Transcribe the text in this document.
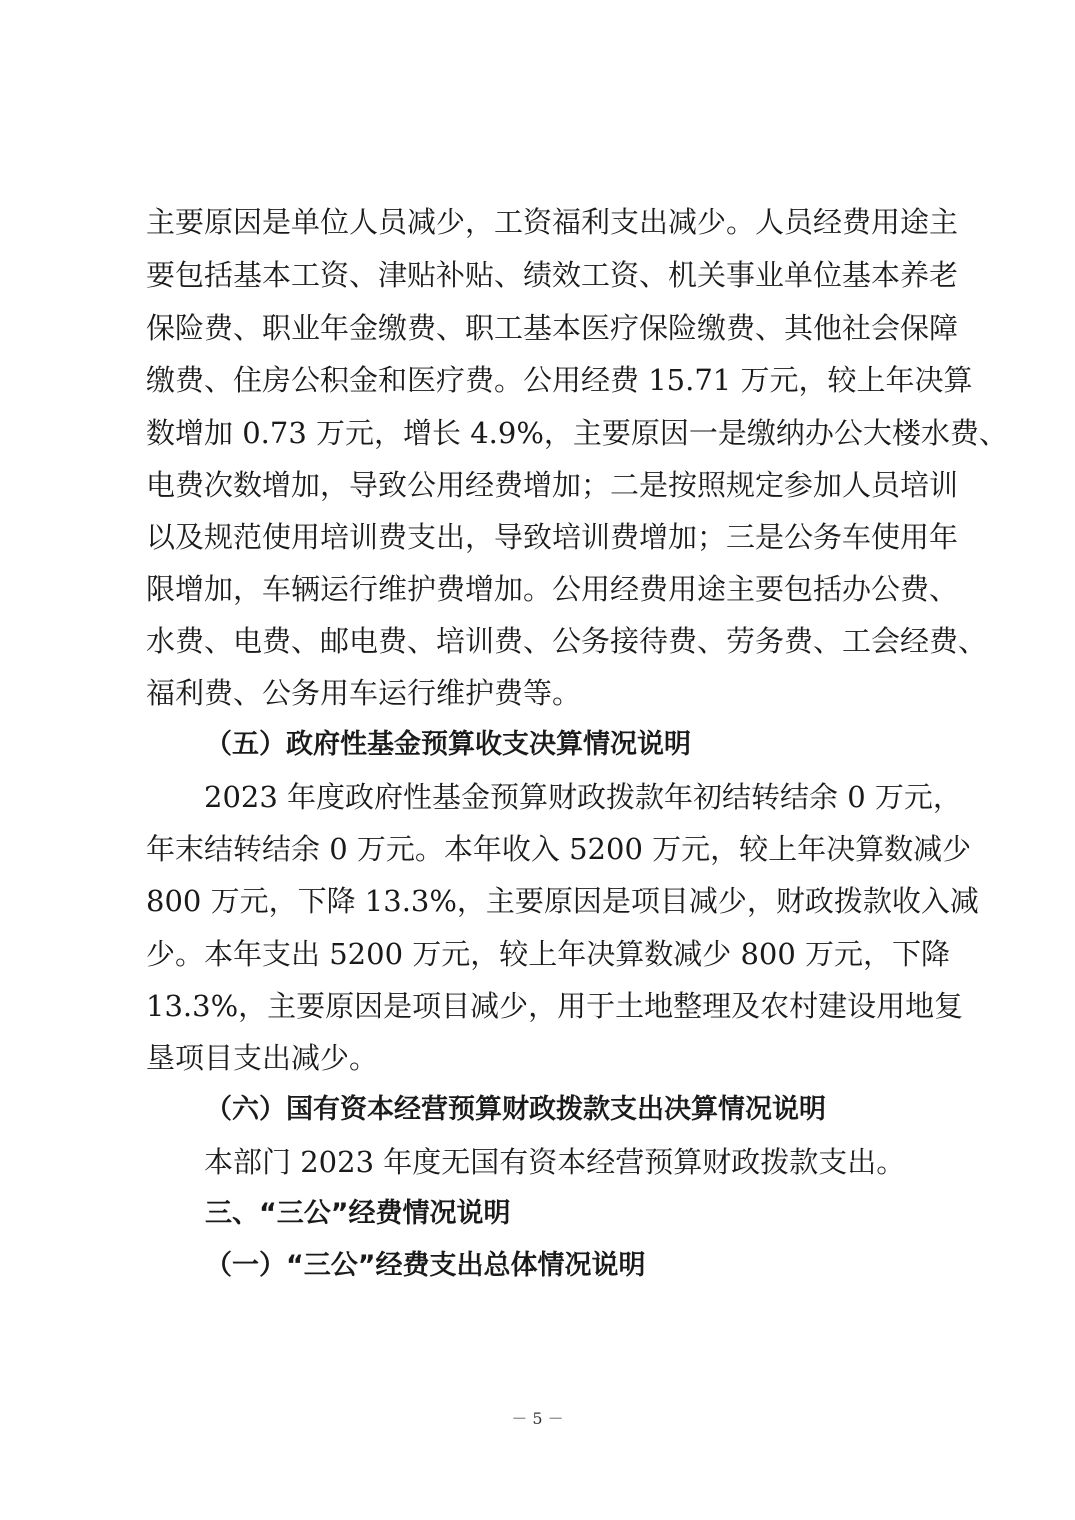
主要原因是单位人员减少，工资福利支出减少。人员经费用途主
要包括基本工资、津贴补贴、绩效工资、机关事业单位基本养老
保险费、职业年金缴费、职工基本医疗保险缴费、其他社会保障
缴费、住房公积金和医疗费。公用经费 15.71 万元，较上年决算
数增加 0.73 万元，增长 4.9%，主要原因一是缴纳办公大楼水费、
电费次数增加，导致公用经费增加；二是按照规定参加人员培训
以及规范使用培训费支出，导致培训费增加；三是公务车使用年
限增加，车辆运行维护费增加。公用经费用途主要包括办公费、
水费、电费、邮电费、培训费、公务接待费、劳务费、工会经费、
福利费、公务用车运行维护费等。
（五）政府性基金预算收支决算情况说明
2023 年度政府性基金预算财政拨款年初结转结余 0 万元，
年末结转结余 0 万元。本年收入 5200 万元，较上年决算数减少
800 万元，下降 13.3%，主要原因是项目减少，财政拨款收入减
少。本年支出 5200 万元，较上年决算数减少 800 万元，下降
13.3%，主要原因是项目减少，用于土地整理及农村建设用地复
垦项目支出减少。
（六）国有资本经营预算财政拨款支出决算情况说明
本部门 2023 年度无国有资本经营预算财政拨款支出。
三、“三公”经费情况说明
（一）“三公”经费支出总体情况说明
－ 5 －
